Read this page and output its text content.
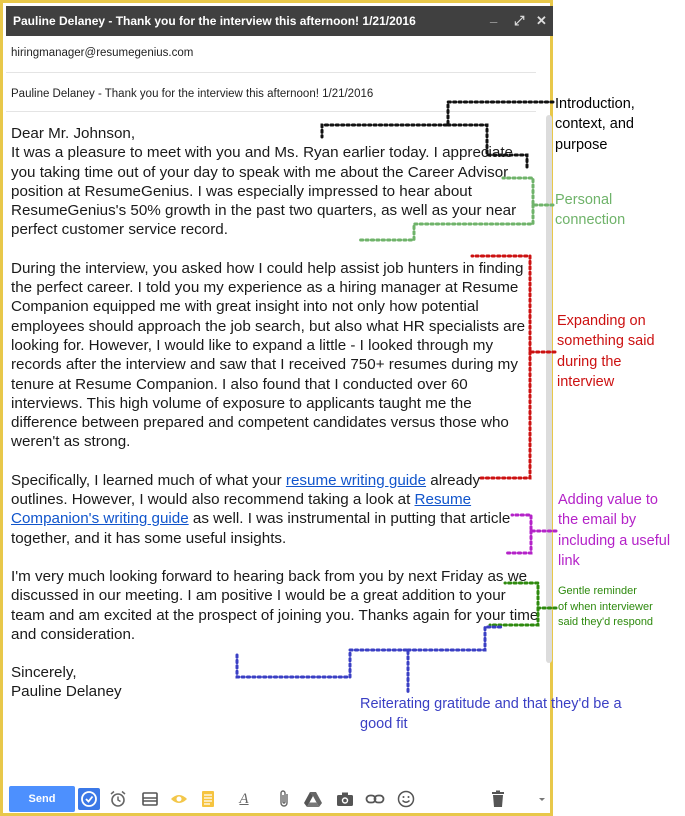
Pauline Delaney - Thank you for the interview this afternoon! 1/21/2016	_ ⤢ ✕
hiringmanager@resumegenius.com
Pauline Delaney - Thank you for the interview this afternoon! 1/21/2016

Dear Mr. Johnson,

It was a pleasure to meet with you and Ms. Ryan earlier today. I appreciate you taking time out of your day to speak with me about the Career Advisor position at ResumeGenius. I was especially impressed to hear about ResumeGenius's 50% growth in the past two quarters, as well as your near perfect customer service record.

During the interview, you asked how I could help assist job hunters in finding the perfect career. I told you my experience as a hiring manager at Resume Companion equipped me with great insight into not only how potential employees should approach the job search, but also what HR specialists are looking for. However, I would like to expand a little - I looked through my records after the interview and saw that I received 750+ resumes during my tenure at Resume Companion. I also found that I conducted over 60 interviews. This high volume of exposure to applicants taught me the difference between prepared and competent candidates versus those who weren't as strong.

Specifically, I learned much of what your resume writing guide already outlines. However, I would also recommend taking a look at Resume Companion's writing guide as well. I was instrumental in putting that article together, and it has some useful insights.

I'm very much looking forward to hearing back from you by next Friday as we discussed in our meeting. I am positive I would be a great addition to your team and am excited at the prospect of joining you. Thanks again for your time and consideration.

Sincerely,

Pauline Delaney

Send	A
Introduction,
context, and
purpose
Personal
connection
Expanding on
something said
during the
interview
Adding value to
the email by
including a useful
link
Gentle reminder
of when interviewer
said they'd respond
Reiterating gratitude and that they'd be a
good fit
